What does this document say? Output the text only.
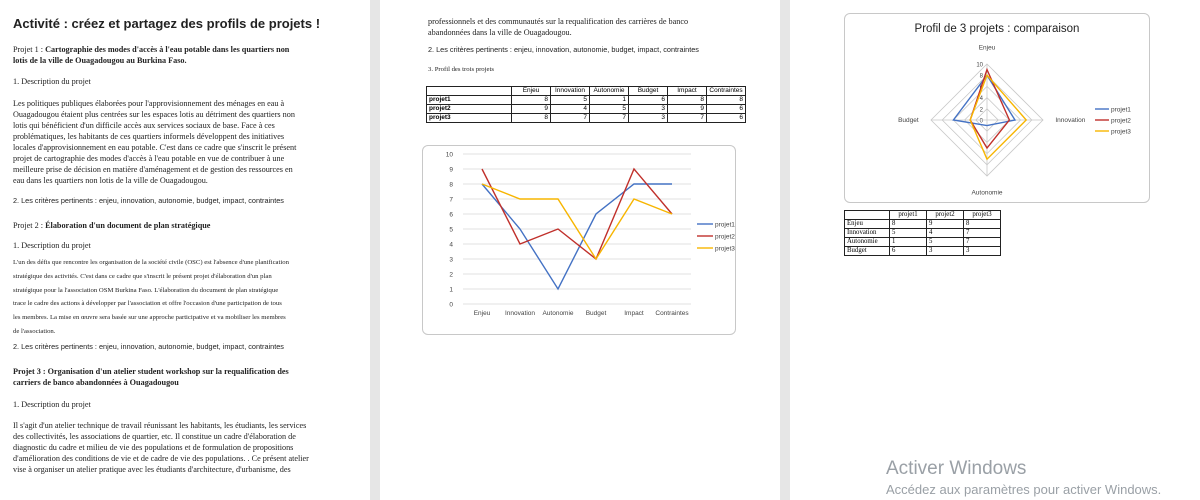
Activité : créez et partagez des profils de projets !
Projet 1 : Cartographie des modes d'accès à l'eau potable dans les quartiers non
lotis de la ville de Ouagadougou au Burkina Faso.
1. Description du projet
Les politiques publiques élaborées pour l'approvisionnement des ménages en eau à
Ouagadougou étaient plus centrées sur les espaces lotis au détriment des quartiers non
lotis qui bénéficient d'un difficile accès aux services sociaux de base. Face à ces
problématiques, les habitants de ces quartiers informels développent des initiatives
locales d'approvisionnement en eau potable. C'est dans ce cadre que s'inscrit le présent
projet de cartographie des modes d'accès à l'eau potable en vue de contribuer à une
meilleure prise de décision en matière d'aménagement et de gestion des ressources en
eau dans les quartiers non lotis de la ville de Ouagadougou.
2. Les critères pertinents : enjeu, innovation, autonomie, budget, impact, contraintes
Projet 2 : Élaboration d'un document de plan stratégique
1. Description du projet
L'un des défis que rencontre les organisation de la société civile (OSC) est l'absence d'une planification
stratégique des activités. C'est dans ce cadre que s'inscrit le présent projet d'élaboration d'un plan
stratégique pour la l'association OSM Burkina Faso. L'élaboration du document de plan stratégique
trace le cadre des actions à développer par l'association et offre l'occasion d'une participation de tous
les membres. La mise en œuvre sera basée sur une approche participative et va mobiliser les membres
de l'association.
2. Les critères pertinents : enjeu, innovation, autonomie, budget, impact, contraintes
Projet 3 : Organisation d'un atelier student workshop sur la requalification des
carriers de banco abandonnées à Ouagadougou
1. Description du projet
Il s'agit d'un atelier technique de travail réunissant les habitants, les étudiants, les services
des collectivités, les associations de quartier, etc. Il constitue un cadre d'élaboration de
diagnostic du cadre et milieu de vie des populations et de formulation de propositions
d'amélioration des conditions de vie et de cadre de vie des populations. . Ce présent atelier
vise à organiser un atelier pratique avec les étudiants d'architecture, d'urbanisme, des
professionnels et des communautés sur la requalification des carrières de banco
abandonnées dans la ville de Ouagadougou.
2. Les critères pertinents : enjeu, innovation, autonomie, budget, impact, contraintes
3. Profil des trois projets
	Enjeu	Innovation	Autonomie	Budget	Impact	Contraintes
projet1	8	5	1	6	8	8
projet2	9	4	5	3	9	6
projet3	8	7	7	3	7	6
0
1
2
3
4
5
6
7
8
9
10
Enjeu Innovation Autonomie Budget	Impact Contraintes
projet1
projet2
projet3
Profil de 3 projets : comparaison
0
2
4
6
8
10
Enjeu
Innovation
Autonomie
Budget
projet1
projet2
projet3
	projet1	projet2	projet3
Enjeu	8	9	8
Innovation	5	4	7
Autonomie	1	5	7
Budget	6	3	3
Activer Windows
Accédez aux paramètres pour activer Windows.
